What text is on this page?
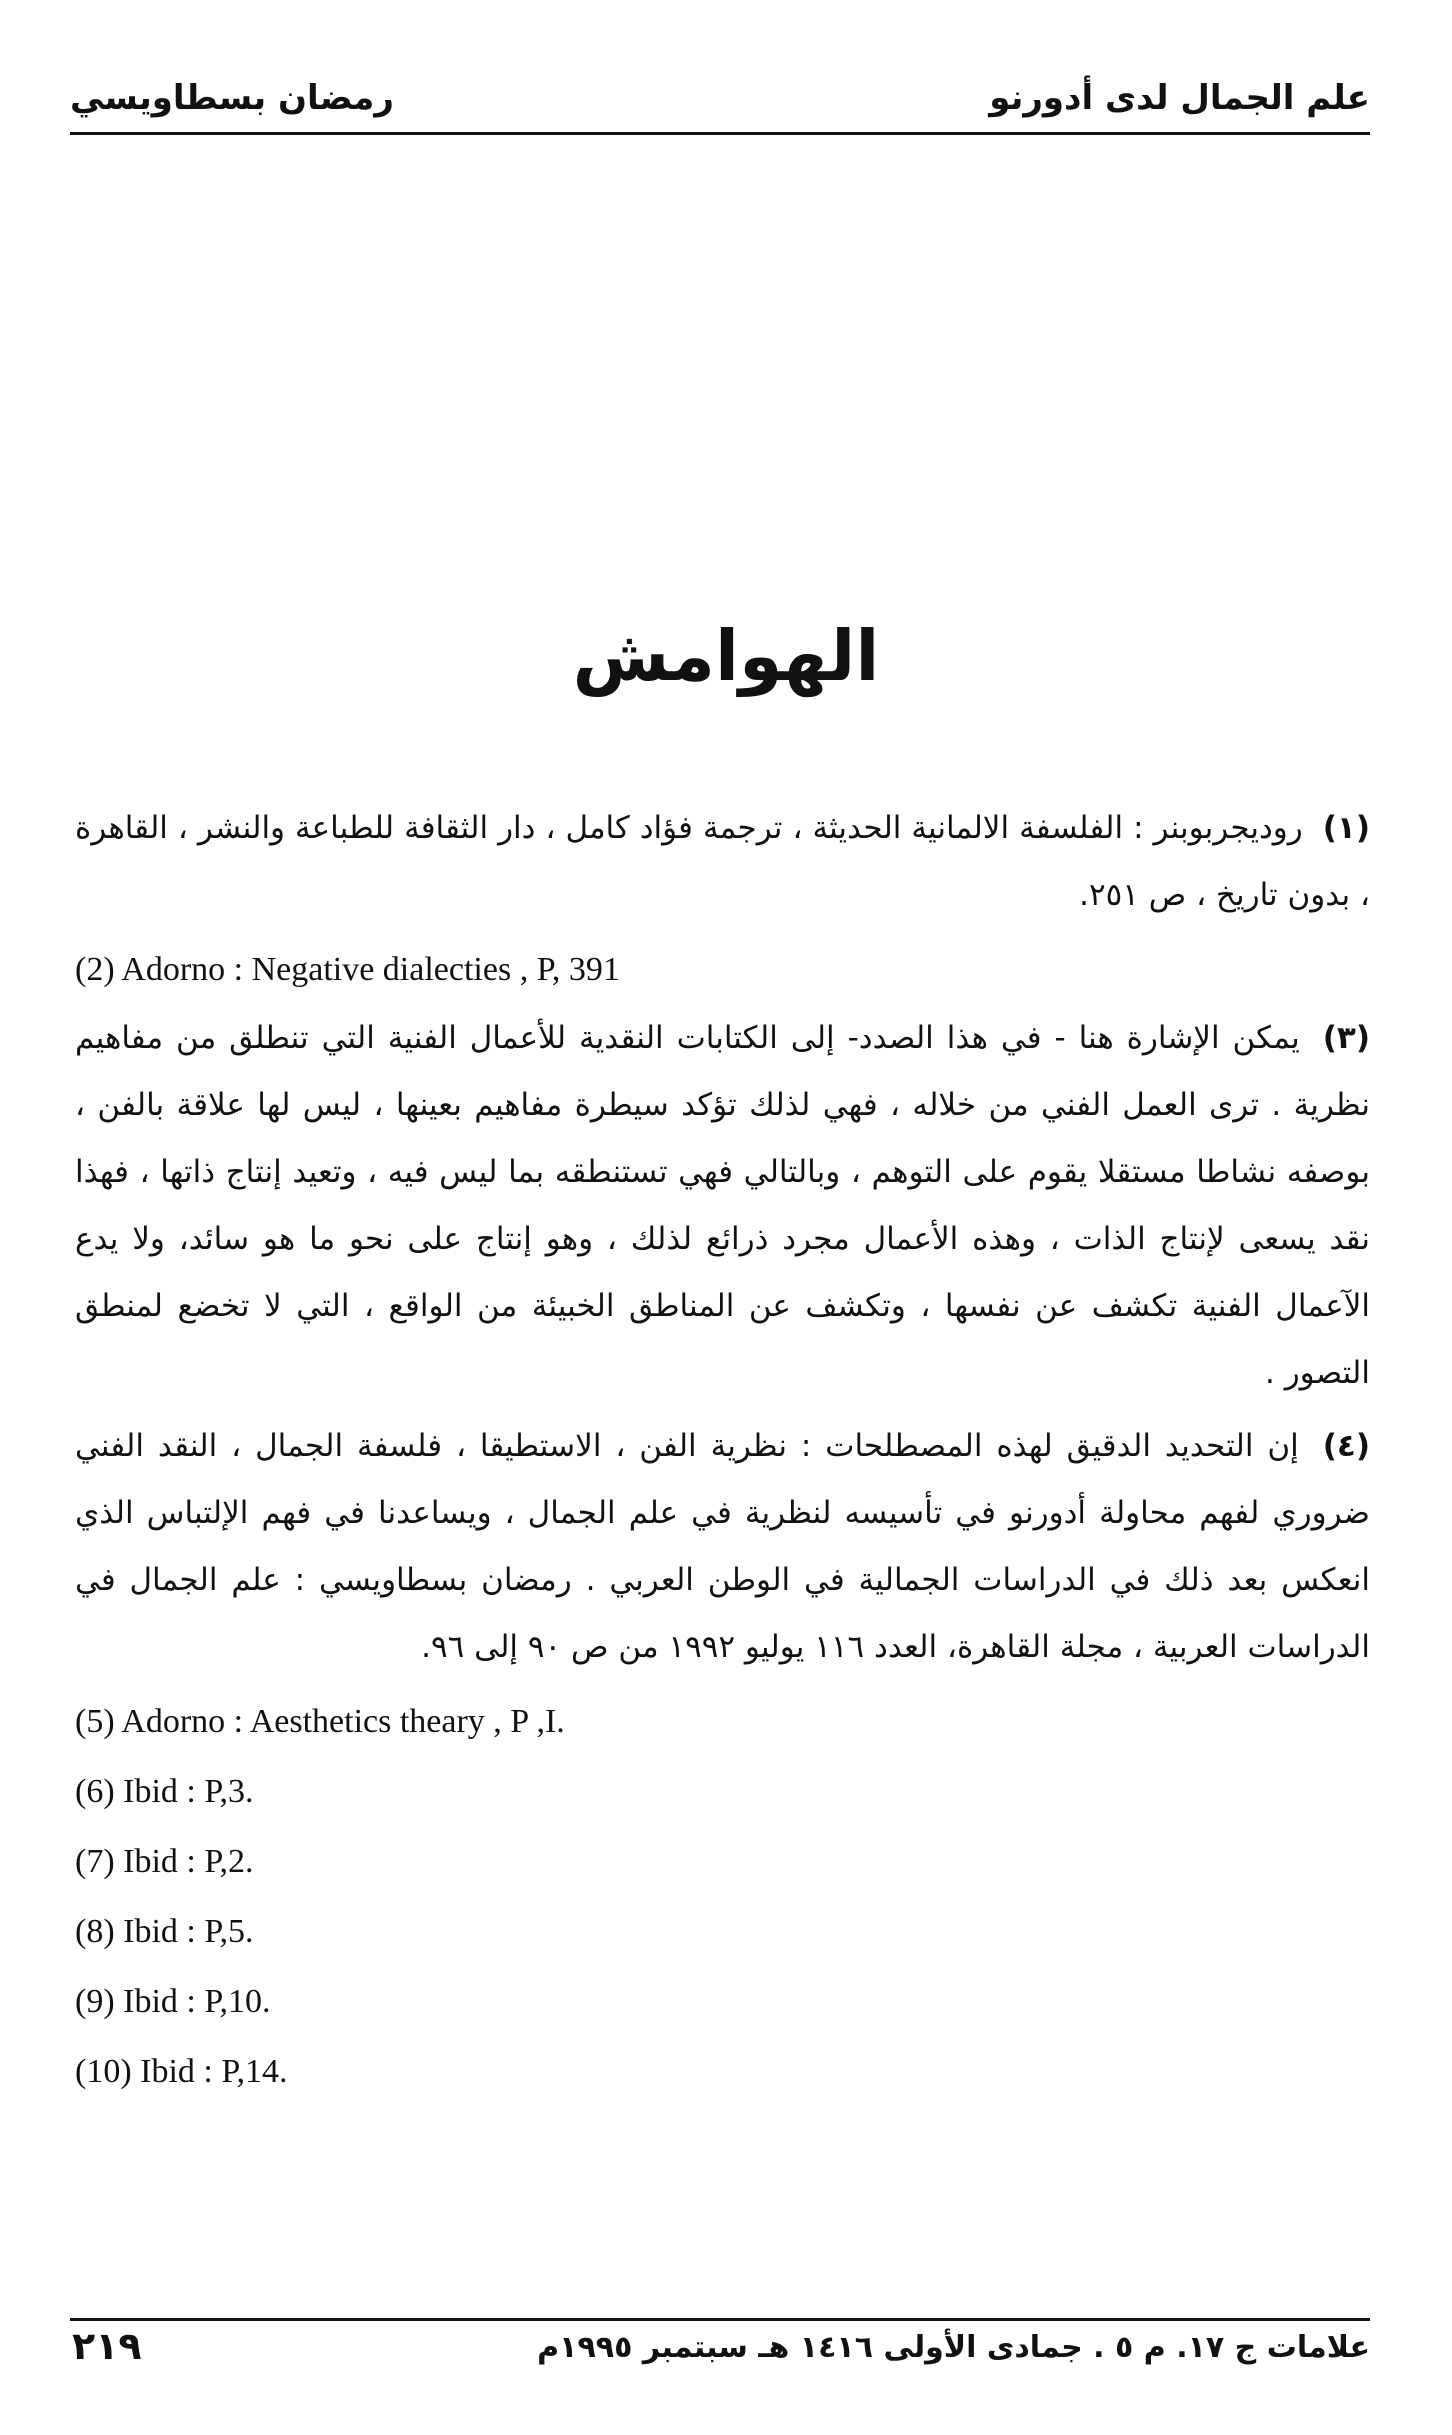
علم الجمال لدى أدورنو
رمضان بسطاويسي
الهوامش

(١) روديجربوبنر : الفلسفة الالمانية الحديثة ، ترجمة فؤاد كامل ، دار الثقافة للطباعة والنشر ، القاهرة ، بدون تاريخ ، ص ٢٥١.

(2) Adorno : Negative dialecties , P, 391

(٣) يمكن الإشارة هنا - في هذا الصدد- إلى الكتابات النقدية للأعمال الفنية التي تنطلق من مفاهيم نظرية . ترى العمل الفني من خلاله ، فهي لذلك تؤكد سيطرة مفاهيم بعينها ، ليس لها علاقة بالفن ، بوصفه نشاطا مستقلا يقوم على التوهم ، وبالتالي فهي تستنطقه بما ليس فيه ، وتعيد إنتاج ذاتها ، فهذا نقد يسعى لإنتاج الذات ، وهذه الأعمال مجرد ذرائع لذلك ، وهو إنتاج على نحو ما هو سائد، ولا يدع الآعمال الفنية تكشف عن نفسها ، وتكشف عن المناطق الخبيئة من الواقع ، التي لا تخضع لمنطق التصور .

(٤) إن التحديد الدقيق لهذه المصطلحات : نظرية الفن ، الاستطيقا ، فلسفة الجمال ، النقد الفني ضروري لفهم محاولة أدورنو في تأسيسه لنظرية في علم الجمال ، ويساعدنا في فهم الإلتباس الذي انعكس بعد ذلك في الدراسات الجمالية في الوطن العربي . رمضان بسطاويسي : علم الجمال في الدراسات العربية ، مجلة القاهرة، العدد ١١٦ يوليو ١٩٩٢ من ص ٩٠ إلى ٩٦.

(5) Adorno : Aesthetics theary , P ,I.

(6) Ibid : P,3.

(7) Ibid : P,2.

(8) Ibid : P,5.

(9) Ibid : P,10.

(10) Ibid : P,14.

علامات ج ١٧. م ٥ . جمادى الأولى ١٤١٦ هـ سبتمبر ١٩٩٥م
٢١٩
